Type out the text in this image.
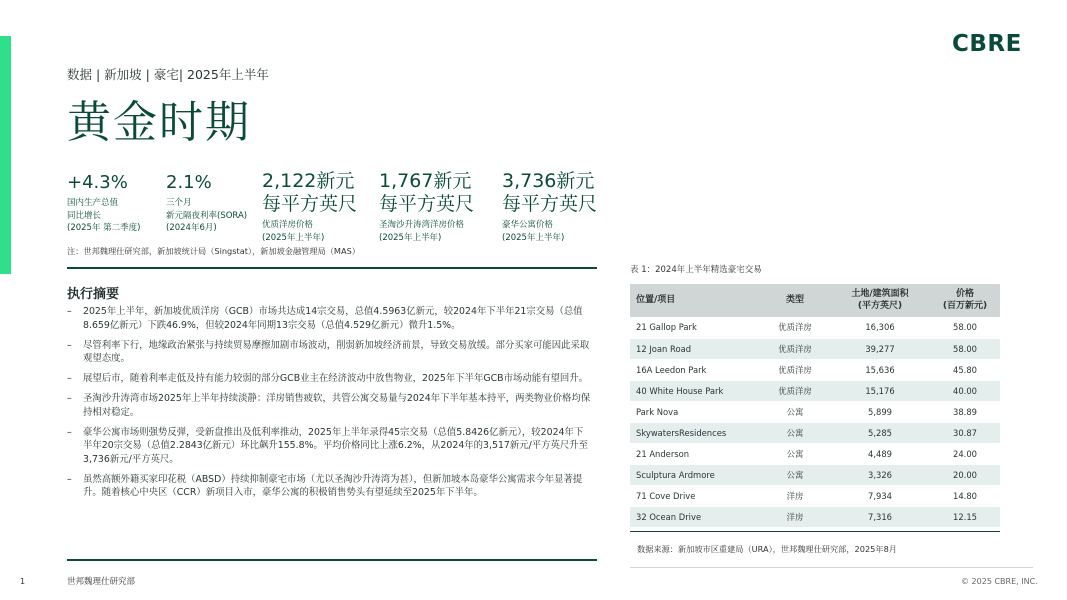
CBRE
数据 | 新加坡 | 豪宅| 2025年上半年
黄金时期
+4.3%
国内生产总值
同比增长
(2025年 第二季度)
2.1%
三个月
新元隔夜利率(SORA)
(2024年6月)
2,122新元
每平方英尺
优质洋房价格
(2025年上半年)
1,767新元
每平方英尺
圣淘沙升涛湾洋房价格
(2025年上半年)
3,736新元
每平方英尺
豪华公寓价格
(2025年上半年)
注：世邦魏理仕研究部，新加坡统计局（Singstat），新加坡金融管理局（MAS）
执行摘要
– 2025年上半年，新加坡优质洋房（GCB）市场共达成14宗交易，总值4.5963亿新元，较2024年下半年21宗交易（总值8.659亿新元）下跌46.9%，但较2024年同期13宗交易（总值4.529亿新元）微升1.5%。
– 尽管利率下行，地缘政治紧张与持续贸易摩擦加剧市场波动，削弱新加坡经济前景，导致交易放缓。部分买家可能因此采取观望态度。
– 展望后市，随着利率走低及持有能力较弱的部分GCB业主在经济波动中放售物业，2025年下半年GCB市场动能有望回升。
– 圣淘沙升涛湾市场2025年上半年持续淡静：洋房销售疲软，共管公寓交易量与2024年下半年基本持平，两类物业价格均保持相对稳定。
– 豪华公寓市场则强势反弹，受新盘推出及低利率推动，2025年上半年录得45宗交易（总值5.8426亿新元），较2024年下半年20宗交易（总值2.2843亿新元）环比飙升155.8%。平均价格同比上涨6.2%，从2024年的3,517新元/平方英尺升至3,736新元/平方英尺。
– 虽然高额外籍买家印花税（ABSD）持续抑制豪宅市场（尤以圣淘沙升涛湾为甚），但新加坡本岛豪华公寓需求今年显著提升。随着核心中央区（CCR）新项目入市，豪华公寓的积极销售势头有望延续至2025年下半年。
表 1：2024年上半年精选豪宅交易
位置/项目	类型	土地/建筑面积
(平方英尺)	价格
(百万新元)
21 Gallop Park	优质洋房	16,306	58.00
12 Joan Road	优质洋房	39,277	58.00
16A Leedon Park	优质洋房	15,636	45.80
40 White House Park	优质洋房	15,176	40.00
Park Nova	公寓	5,899	38.89
SkywatersResidences	公寓	5,285	30.87
21 Anderson	公寓	4,489	24.00
Sculptura Ardmore	公寓	3,326	20.00
71 Cove Drive	洋房	7,934	14.80
32 Ocean Drive	洋房	7,316	12.15
数据来源：新加坡市区重建局（URA），世邦魏理仕研究部，2025年8月
1	世邦魏理仕研究部	© 2025 CBRE, INC.
